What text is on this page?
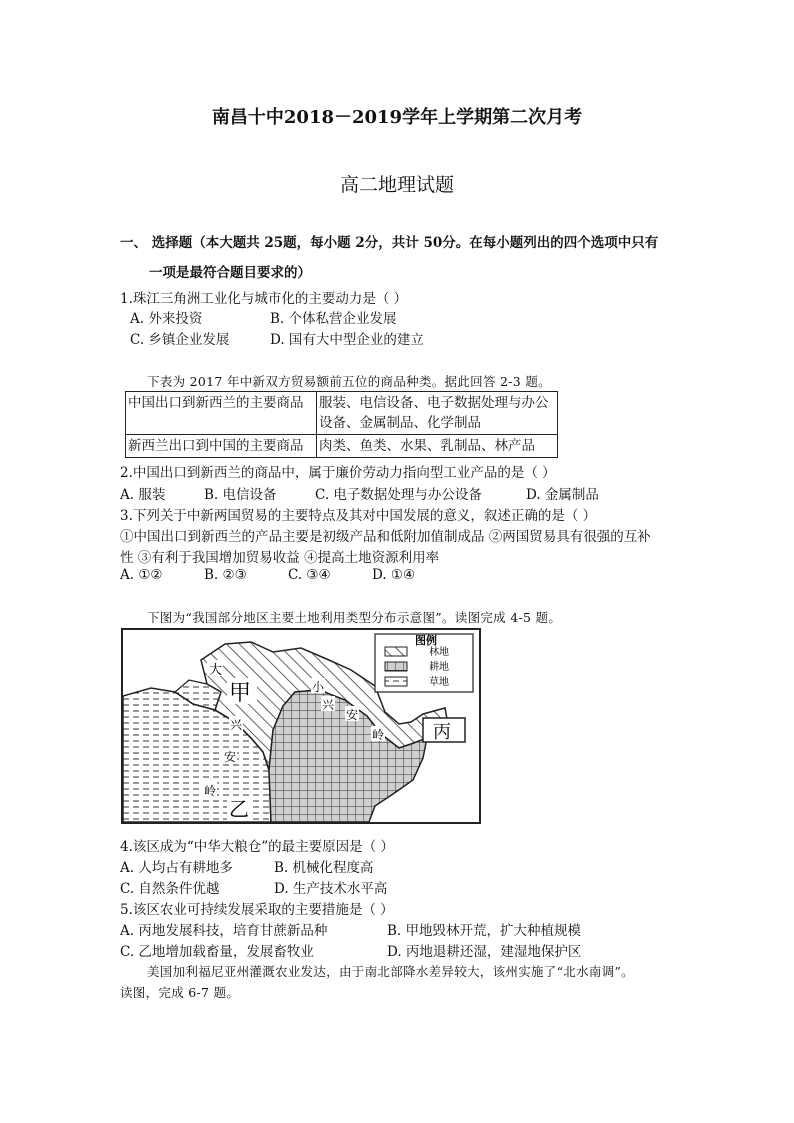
南昌十中2018－2019学年上学期第二次月考
高二地理试题
一、 选择题（本大题共 25题，每小题 2分，共计 50分。在每小题列出的四个选项中只有
一项是最符合题目要求的）
1.珠江三角洲工业化与城市化的主要动力是（ ）
A. 外来投资	B. 个体私营企业发展
C. 乡镇企业发展	D. 国有大中型企业的建立
下表为 2017 年中新双方贸易额前五位的商品种类。据此回答 2-3 题。
中国出口到新西兰的主要商品	服装、电信设备、电子数据处理与办公设备、金属制品、化学制品
新西兰出口到中国的主要商品	肉类、鱼类、水果、乳制品、林产品
2.中国出口到新西兰的商品中，属于廉价劳动力指向型工业产品的是（ ）
A. 服装	B. 电信设备	C. 电子数据处理与办公设备	D. 金属制品
3.下列关于中新两国贸易的主要特点及其对中国发展的意义，叙述正确的是（ ）
①中国出口到新西兰的产品主要是初级产品和低附加值制成品 ②两国贸易具有很强的互补
性 ③有利于我国增加贸易收益 ④提高土地资源利用率
A. ①②	B. ②③	C. ③④	D. ①④
下图为“我国部分地区主要土地利用类型分布示意图”。读图完成 4-5 题。
图例
林地
耕地
草地
甲
乙
丙
大
兴
安
岭
小
兴
安
岭
4.该区成为“中华大粮仓”的最主要原因是（ ）
A. 人均占有耕地多	B. 机械化程度高
C. 自然条件优越	D. 生产技术水平高
5.该区农业可持续发展采取的主要措施是（ ）
A. 丙地发展科技，培育甘蔗新品种	B. 甲地毁林开荒，扩大种植规模
C. 乙地增加载畜量，发展畜牧业	D. 丙地退耕还湿，建湿地保护区
美国加利福尼亚州灌溉农业发达，由于南北部降水差异较大，该州实施了“北水南调”。
读图，完成 6-7 题。
